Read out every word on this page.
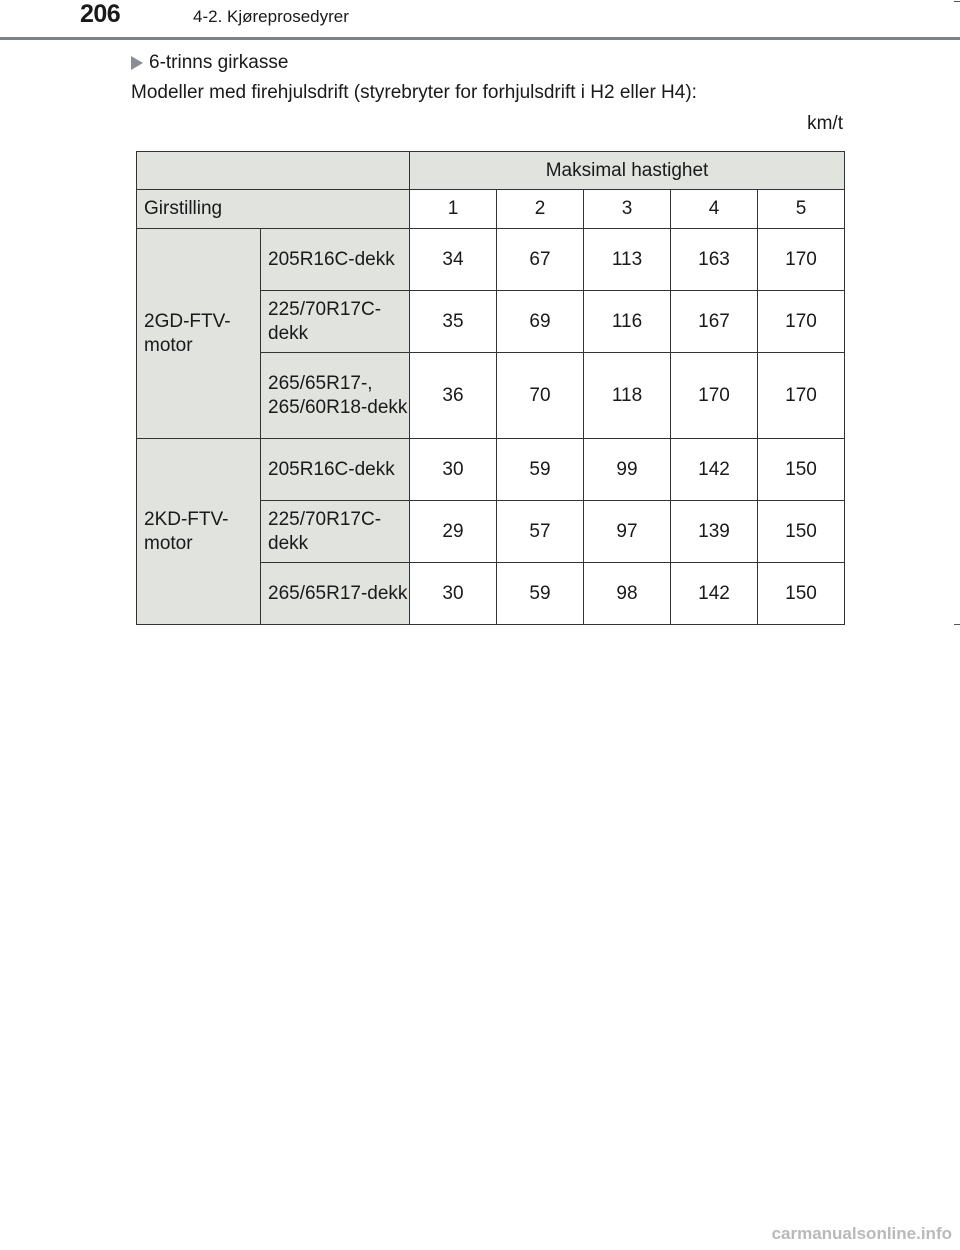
206	4-2. Kjøreprosedyrer
6-trinns girkasse
Modeller med firehjulsdrift (styrebryter for forhjulsdrift i H2 eller H4):
km/t
		Maksimal hastighet				
Girstilling		1	2	3	4	5
2GD-FTV-motor	205R16C-dekk	34	67	113	163	170
	225/70R17C-dekk	35	69	116	167	170
	265/65R17-, 265/60R18-dekk	36	70	118	170	170
2KD-FTV-motor	205R16C-dekk	30	59	99	142	150
	225/70R17C-dekk	29	57	97	139	150
	265/65R17-dekk	30	59	98	142	150
carmanualsonline.info
